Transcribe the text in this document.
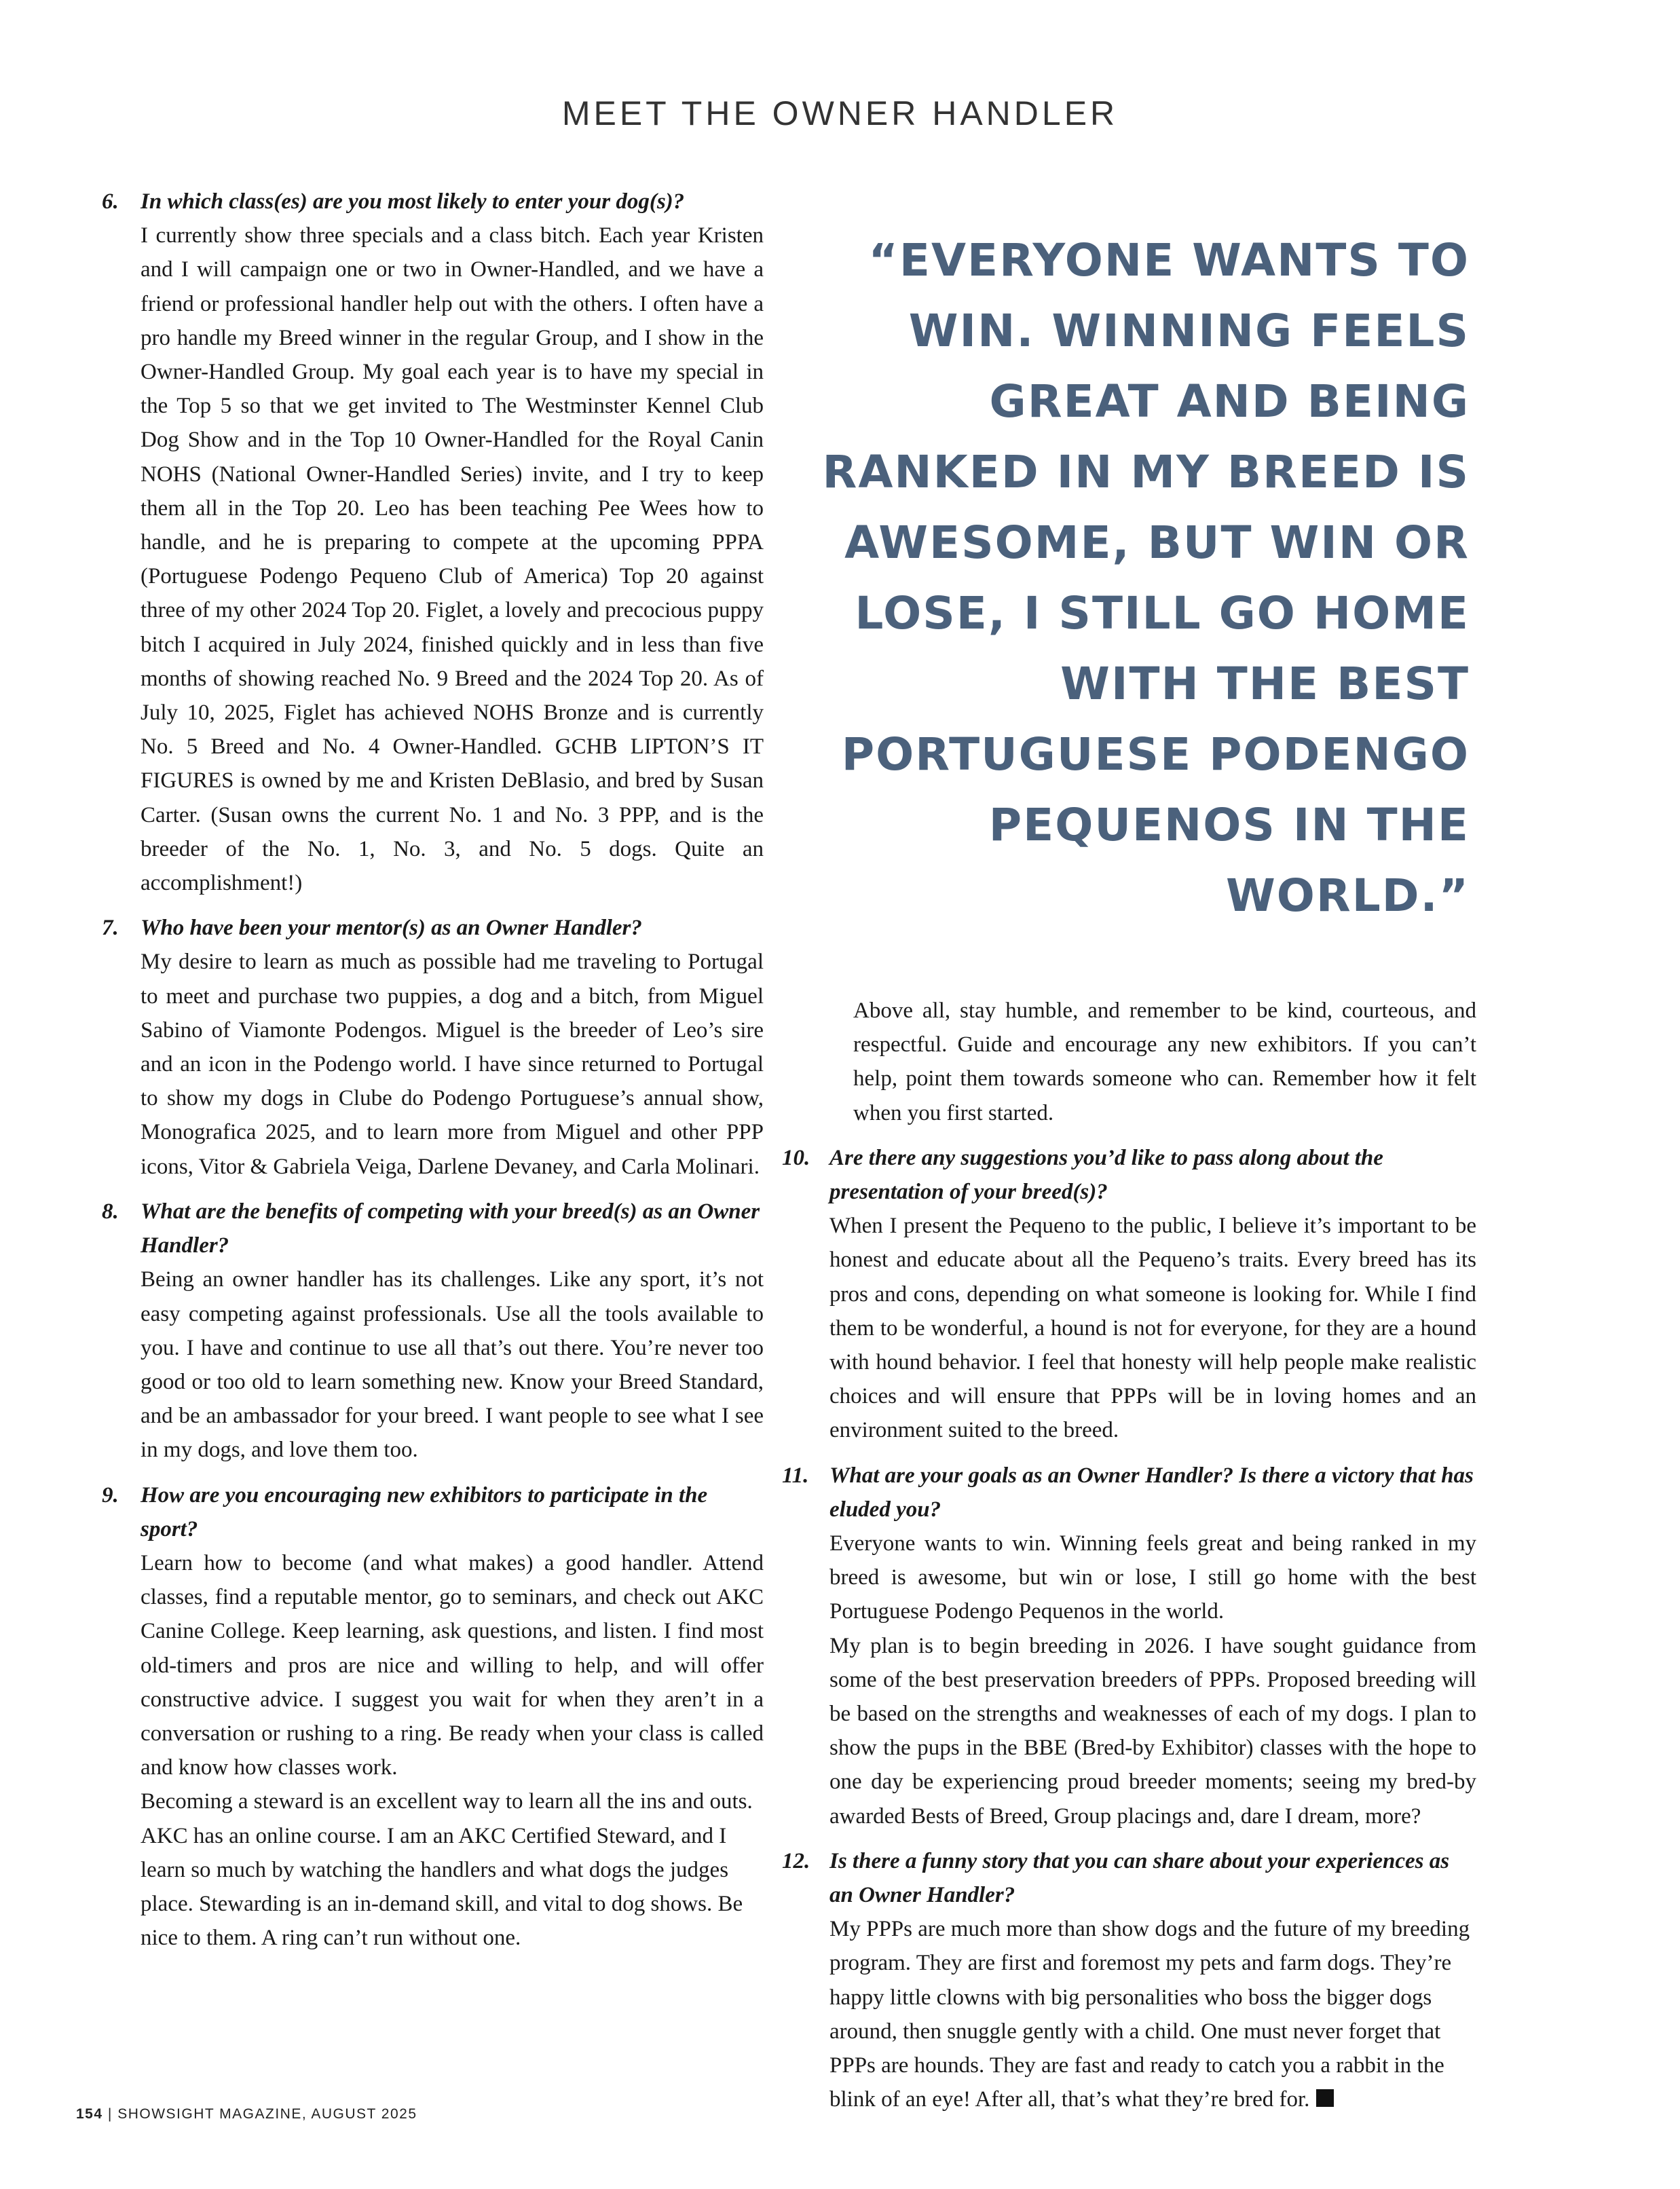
MEET THE OWNER HANDLER
6. In which class(es) are you most likely to enter your dog(s)?

I currently show three specials and a class bitch. Each year Kristen and I will campaign one or two in Owner-Handled, and we have a friend or professional handler help out with the others. I often have a pro handle my Breed winner in the regular Group, and I show in the Owner-Handled Group. My goal each year is to have my special in the Top 5 so that we get invited to The Westminster Kennel Club Dog Show and in the Top 10 Owner-Handled for the Royal Canin NOHS (National Owner-Handled Series) invite, and I try to keep them all in the Top 20. Leo has been teaching Pee Wees how to handle, and he is preparing to compete at the upcoming PPPA (Portuguese Podengo Pequeno Club of America) Top 20 against three of my other 2024 Top 20. Figlet, a lovely and precocious puppy bitch I acquired in July 2024, finished quickly and in less than five months of showing reached No. 9 Breed and the 2024 Top 20. As of July 10, 2025, Figlet has achieved NOHS Bronze and is currently No. 5 Breed and No. 4 Owner-Handled. GCHB LIPTON’S IT FIGURES is owned by me and Kristen DeBlasio, and bred by Susan Carter. (Susan owns the current No. 1 and No. 3 PPP, and is the breeder of the No. 1, No. 3, and No. 5 dogs. Quite an accomplishment!)

7. Who have been your mentor(s) as an Owner Handler?

My desire to learn as much as possible had me traveling to Portugal to meet and purchase two puppies, a dog and a bitch, from Miguel Sabino of Viamonte Podengos. Miguel is the breeder of Leo’s sire and an icon in the Podengo world. I have since returned to Portugal to show my dogs in Clube do Podengo Portuguese’s annual show, Monografica 2025, and to learn more from Miguel and other PPP icons, Vitor & Gabriela Veiga, Darlene Devaney, and Carla Molinari.

8. What are the benefits of competing with your breed(s) as an Owner Handler?

Being an owner handler has its challenges. Like any sport, it’s not easy competing against professionals. Use all the tools available to you. I have and continue to use all that’s out there. You’re never too good or too old to learn something new. Know your Breed Standard, and be an ambassador for your breed. I want people to see what I see in my dogs, and love them too.

9. How are you encouraging new exhibitors to participate in the sport?

Learn how to become (and what makes) a good handler. Attend classes, find a reputable mentor, go to seminars, and check out AKC Canine College. Keep learning, ask questions, and listen. I find most old-timers and pros are nice and willing to help, and will offer constructive advice. I suggest you wait for when they aren’t in a conversation or rushing to a ring. Be ready when your class is called and know how classes work.

Becoming a steward is an excellent way to learn all the ins and outs. AKC has an online course. I am an AKC Certified Steward, and I learn so much by watching the handlers and what dogs the judges place. Stewarding is an in-demand skill, and vital to dog shows. Be nice to them. A ring can’t run without one.

“EVERYONE WANTS TO WIN. WINNING FEELS GREAT AND BEING RANKED IN MY BREED IS AWESOME, BUT WIN OR LOSE, I STILL GO HOME WITH THE BEST PORTUGUESE PODENGO PEQUENOS IN THE WORLD.”

Above all, stay humble, and remember to be kind, courteous, and respectful. Guide and encourage any new exhibitors. If you can’t help, point them towards someone who can. Remember how it felt when you first started.

10. Are there any suggestions you’d like to pass along about the presentation of your breed(s)?

When I present the Pequeno to the public, I believe it’s important to be honest and educate about all the Pequeno’s traits. Every breed has its pros and cons, depending on what someone is looking for. While I find them to be wonderful, a hound is not for everyone, for they are a hound with hound behavior. I feel that honesty will help people make realistic choices and will ensure that PPPs will be in loving homes and an environment suited to the breed.

11. What are your goals as an Owner Handler? Is there a victory that has eluded you?

Everyone wants to win. Winning feels great and being ranked in my breed is awesome, but win or lose, I still go home with the best Portuguese Podengo Pequenos in the world.

My plan is to begin breeding in 2026. I have sought guidance from some of the best preservation breeders of PPPs. Proposed breeding will be based on the strengths and weaknesses of each of my dogs. I plan to show the pups in the BBE (Bred-by Exhibitor) classes with the hope to one day be experiencing proud breeder moments; seeing my bred-by awarded Bests of Breed, Group placings and, dare I dream, more?

12. Is there a funny story that you can share about your experiences as an Owner Handler?

My PPPs are much more than show dogs and the future of my breeding program. They are first and foremost my pets and farm dogs. They’re happy little clowns with big personalities who boss the bigger dogs around, then snuggle gently with a child. One must never forget that PPPs are hounds. They are fast and ready to catch you a rabbit in the blink of an eye! After all, that’s what they’re bred for.

154 | SHOWSIGHT MAGAZINE, AUGUST 2025
